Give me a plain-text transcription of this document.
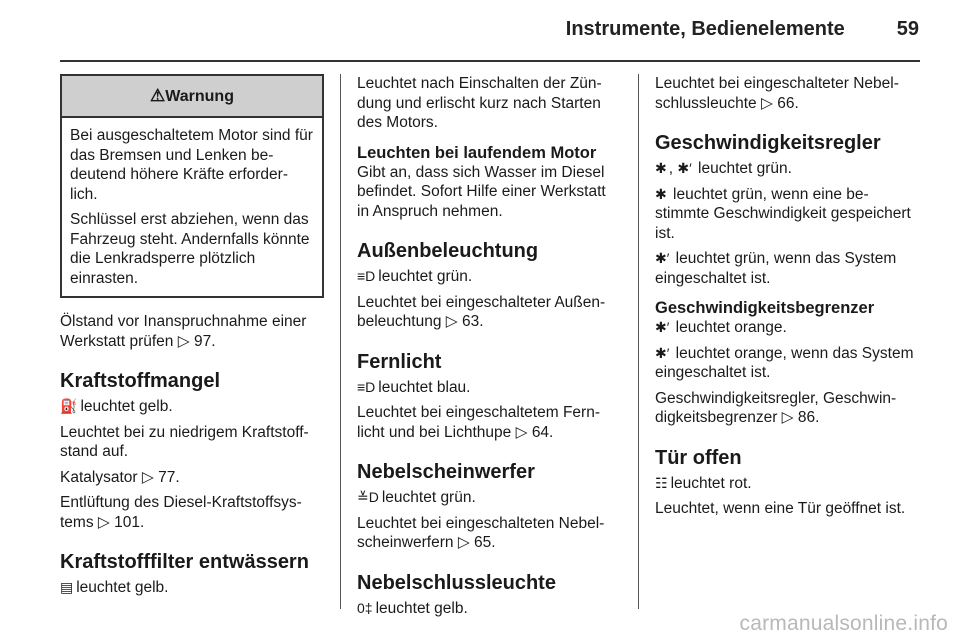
Instrumente, Bedienelemente	59
⚠Warnung

Bei ausgeschaltetem Motor sind für das Bremsen und Lenken be-deutend höhere Kräfte erforder-lich.

Schlüssel erst abziehen, wenn das Fahrzeug steht. Andernfalls könnte die Lenkradsperre plötzlich einrasten.

Ölstand vor Inanspruchnahme einer Werkstatt prüfen ▷ 97.

Kraftstoffmangel

⛽ leuchtet gelb.

Leuchtet bei zu niedrigem Kraftstoff-stand auf.

Katalysator ▷ 77.

Entlüftung des Diesel-Kraftstoffsys-tems ▷ 101.

Kraftstofffilter entwässern

▤ leuchtet gelb.

Leuchtet nach Einschalten der Zün-dung und erlischt kurz nach Starten des Motors.

Leuchten bei laufendem Motor

Gibt an, dass sich Wasser im Diesel befindet. Sofort Hilfe einer Werkstatt in Anspruch nehmen.

Außenbeleuchtung

≡D leuchtet grün.

Leuchtet bei eingeschalteter Außen-beleuchtung ▷ 63.

Fernlicht

≡D leuchtet blau.

Leuchtet bei eingeschaltetem Fern-licht und bei Lichthupe ▷ 64.

Nebelscheinwerfer

≚D leuchtet grün.

Leuchtet bei eingeschalteten Nebel-scheinwerfern ▷ 65.

Nebelschlussleuchte

0‡ leuchtet gelb.

Leuchtet bei eingeschalteter Nebel-schlussleuchte ▷ 66.

Geschwindigkeitsregler

✱ , ✱′ leuchtet grün.

✱ leuchtet grün, wenn eine be-stimmte Geschwindigkeit gespeichert ist.

✱′ leuchtet grün, wenn das System eingeschaltet ist.

Geschwindigkeitsbegrenzer

✱′ leuchtet orange.

✱′ leuchtet orange, wenn das System eingeschaltet ist.

Geschwindigkeitsregler, Geschwin-digkeitsbegrenzer ▷ 86.

Tür offen

☷ leuchtet rot.

Leuchtet, wenn eine Tür geöffnet ist.

carmanualsonline.info
